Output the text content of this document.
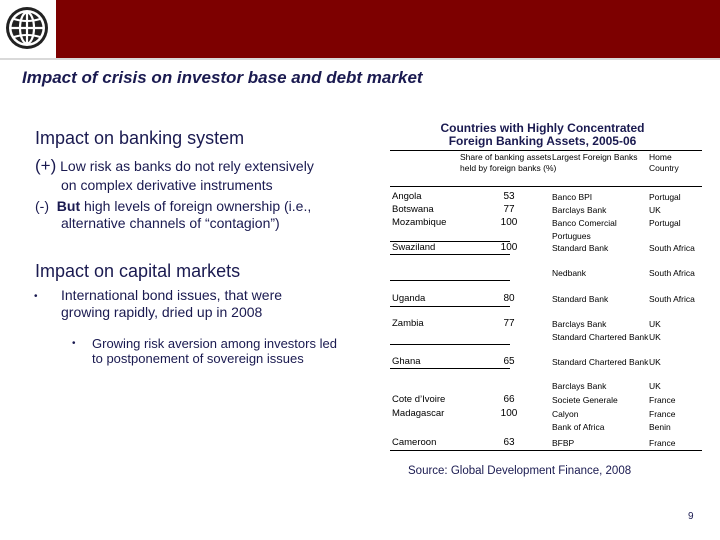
Impact of crisis on investor base and debt market
Impact on banking system
(+) Low risk as banks do not rely extensively
on complex derivative instruments
(-) But high levels of foreign ownership (i.e.,
alternative channels of “contagion”)
Impact on capital markets
• International bond issues, that were
growing rapidly, dried up in 2008
• Growing risk aversion among investors led
to postponement of sovereign issues
Countries with Highly Concentrated
Foreign Banking Assets, 2005-06
Share of banking assets
held by foreign banks (%)
Largest Foreign Banks Home
Country
Angola	53	Banco BPI	Portugal
Botswana	77	Barclays Bank	UK
Mozambique	100	Banco Comercial	Portugal
Portugues
Swaziland	100	Standard Bank	South Africa
Nedbank	South Africa
Uganda	80	Standard Bank	South Africa
Zambia	77	Barclays Bank	UK
Standard Chartered Bank UK
Ghana	65	Standard Chartered Bank UK
Barclays Bank	UK
Cote d’Ivoire	66	Societe Generale	France
Madagascar	100	Calyon	France
Bank of Africa	Benin
Cameroon	63	BFBP	France
Source: Global Development Finance, 2008
9
